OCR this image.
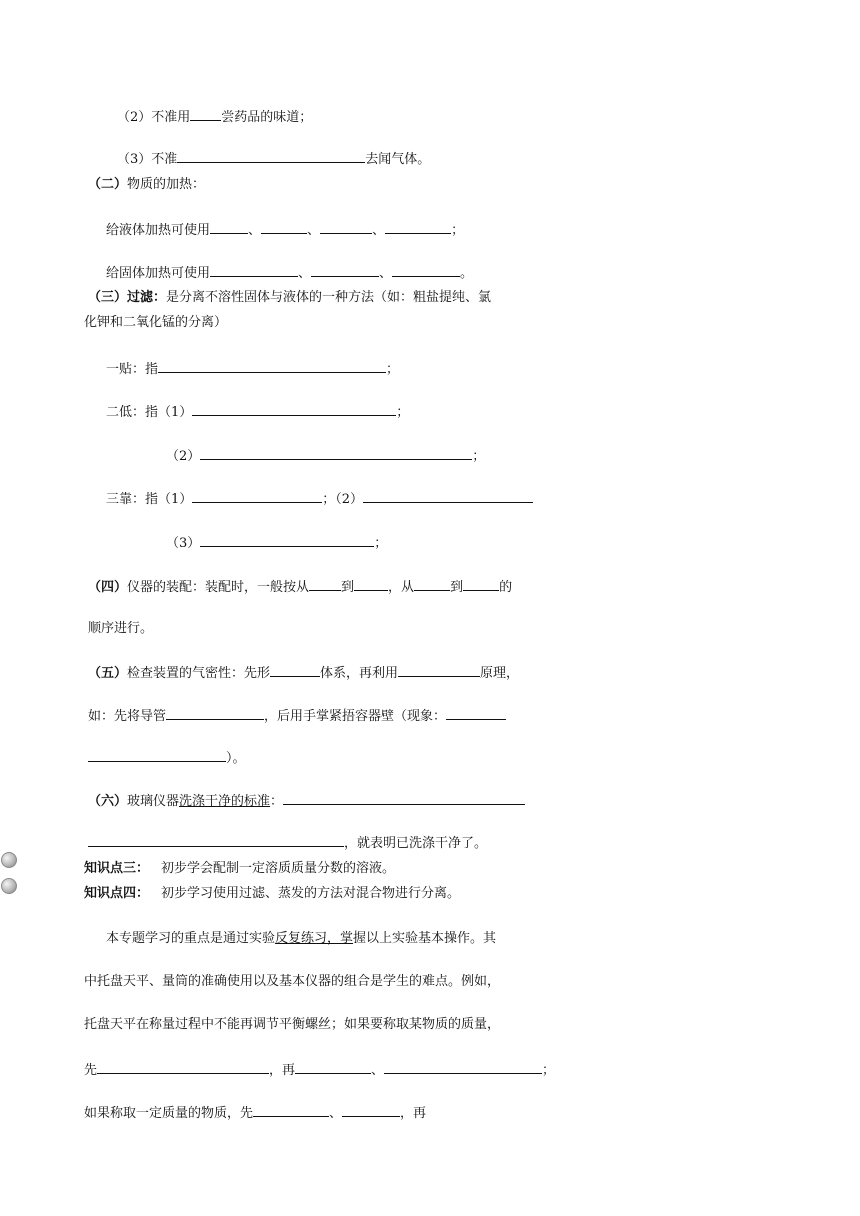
（2）不准用 尝药品的味道；
（3）不准	去闻气体。
（二）物质的加热：
给液体加热可使用	、	、	、	；
给固体加热可使用	、	、	。
（三）过滤：是分离不溶性固体与液体的一种方法（如：粗盐提纯、氯
化钾和二氧化锰的分离）
一贴：指	；
二低：指（1）	；
（2）	；
三靠：指（1）	；（2）
（3）	；
（四）仪器的装配：装配时，一般按从 到	，从	到	的
顺序进行。
（五）检查装置的气密性：先形	体系，再利用	原理，
如：先将导管	，后用手掌紧捂容器壁（现象：
）。
（六）玻璃仪器洗涤干净的标准：
，就表明已洗涤干净了。
知识点三： 初步学会配制一定溶质质量分数的溶液。
知识点四： 初步学习使用过滤、蒸发的方法对混合物进行分离。
本专题学习的重点是通过实验反复练习，掌握以上实验基本操作。其
中托盘天平、量筒的准确使用以及基本仪器的组合是学生的难点。例如，
托盘天平在称量过程中不能再调节平衡螺丝；如果要称取某物质的质量，
先	，再	、	；
如果称取一定质量的物质，先	、	，再
